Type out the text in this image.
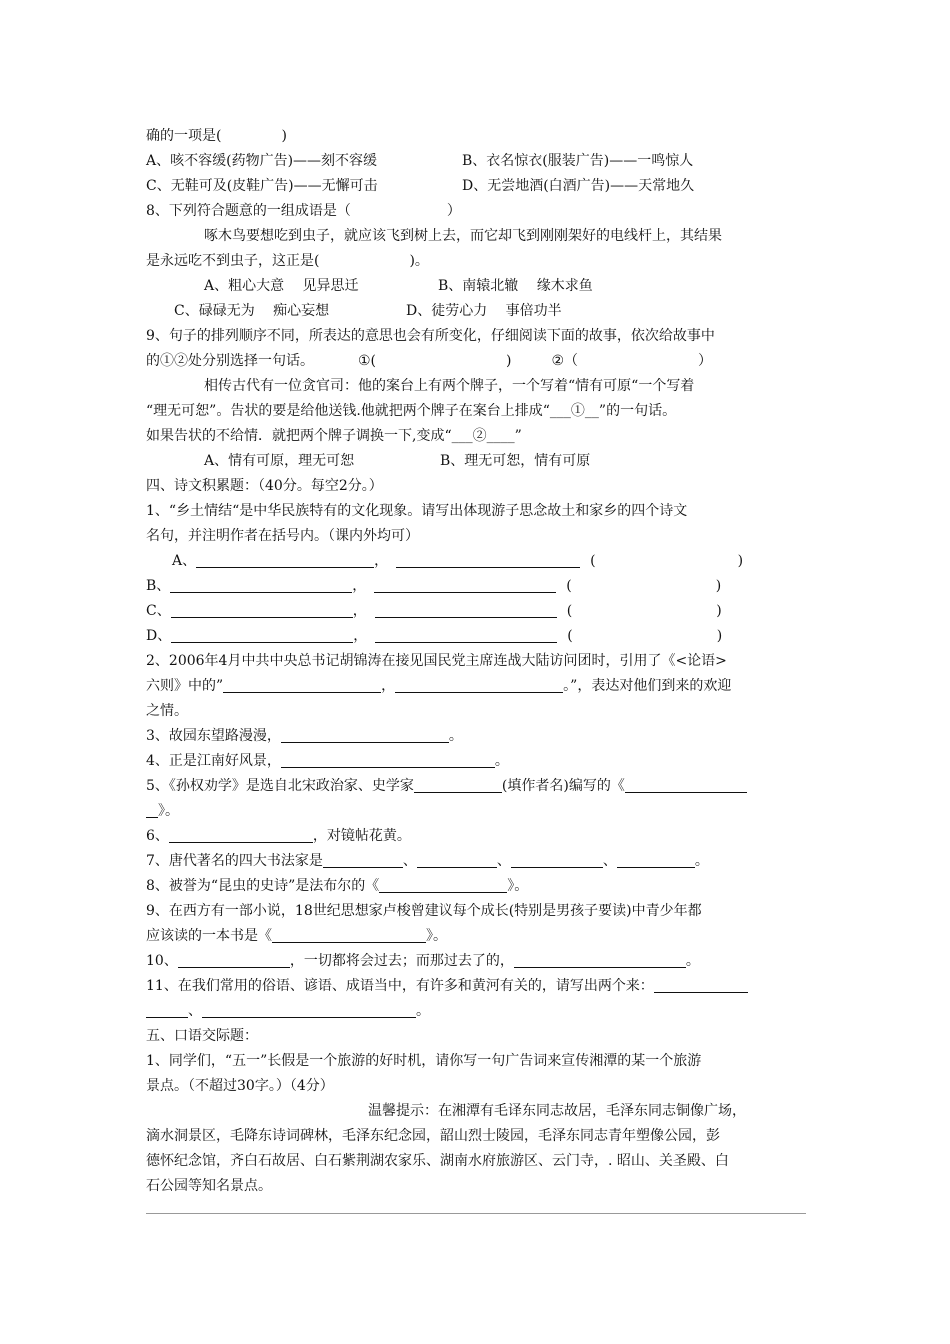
确的一项是(	)
A、咳不容缓(药物广告)——刻不容缓	B、衣名惊衣(服装广告)——一鸣惊人
C、无鞋可及(皮鞋广告)——无懈可击	D、无尝地酒(白酒广告)——天常地久
8、下列符合题意的一组成语是（	）
啄木鸟要想吃到虫子，就应该飞到树上去，而它却飞到刚刚架好的电线杆上，其结果
是永远吃不到虫子，这正是(	)。
A、粗心大意　 见异思迁	B、南辕北辙　 缘木求鱼
C、碌碌无为　 痴心妄想	D、徒劳心力　 事倍功半
9、句子的排列顺序不同，所表达的意思也会有所变化，仔细阅读下面的故事，依次给故事中
的①②处分别选择一句话。	①(	)	②（	）
相传古代有一位贪官司：他的案台上有两个牌子，一个写着“情有可原“一个写着
“理无可恕”。告状的要是给他送钱.他就把两个牌子在案台上排成“___①__”的一句话。
如果告状的不给情．就把两个牌子调换一下,变成“___②____”
A、情有可原，理无可恕	B、理无可恕，情有可原
四、诗文积累题：（40分。每空2分。）
1、“乡土情结“是中华民族特有的文化现象。请写出体现游子思念故土和家乡的四个诗文
名句，并注明作者在括号内。（课内外均可）
A、	，	(	)
B、	，	(	)
C、	，	(	)
D、	，	(	)
2、2006年4月中共中央总书记胡锦涛在接见国民党主席连战大陆访问团时，引用了《<论语>
六则》中的”	，	。”，表达对他们到来的欢迎
之情。
3、故园东望路漫漫，	。
4、正是江南好风景，	。
5、《孙权劝学》是选自北宋政治家、史学家	(填作者名)编写的《
》。
6、	，对镜帖花黄。
7、唐代著名的四大书法家是	、	、	、	。
8、被誉为“昆虫的史诗”是法布尔的《	》。
9、在西方有一部小说，18世纪思想家卢梭曾建议每个成长(特别是男孩子要读)中青少年都
应该读的一本书是《	》。
10、	，一切都将会过去；而那过去了的，	。
11、在我们常用的俗语、谚语、成语当中，有许多和黄河有关的，请写出两个来：
、	。
五、口语交际题：
1、同学们，“五一”长假是一个旅游的好时机，请你写一句广告词来宣传湘潭的某一个旅游
景点。（不超过30字。）（4分）
温馨提示：在湘潭有毛译东同志故居，毛泽东同志铜像广场，
滴水洞景区，毛降东诗词碑林，毛泽东纪念园，韶山烈士陵园，毛泽东同志青年塑像公园，彭
德怀纪念馆，齐白石故居、白石紫荆湖农家乐、湖南水府旅游区、云门寺，. 昭山、关圣殿、白
石公园等知名景点。
